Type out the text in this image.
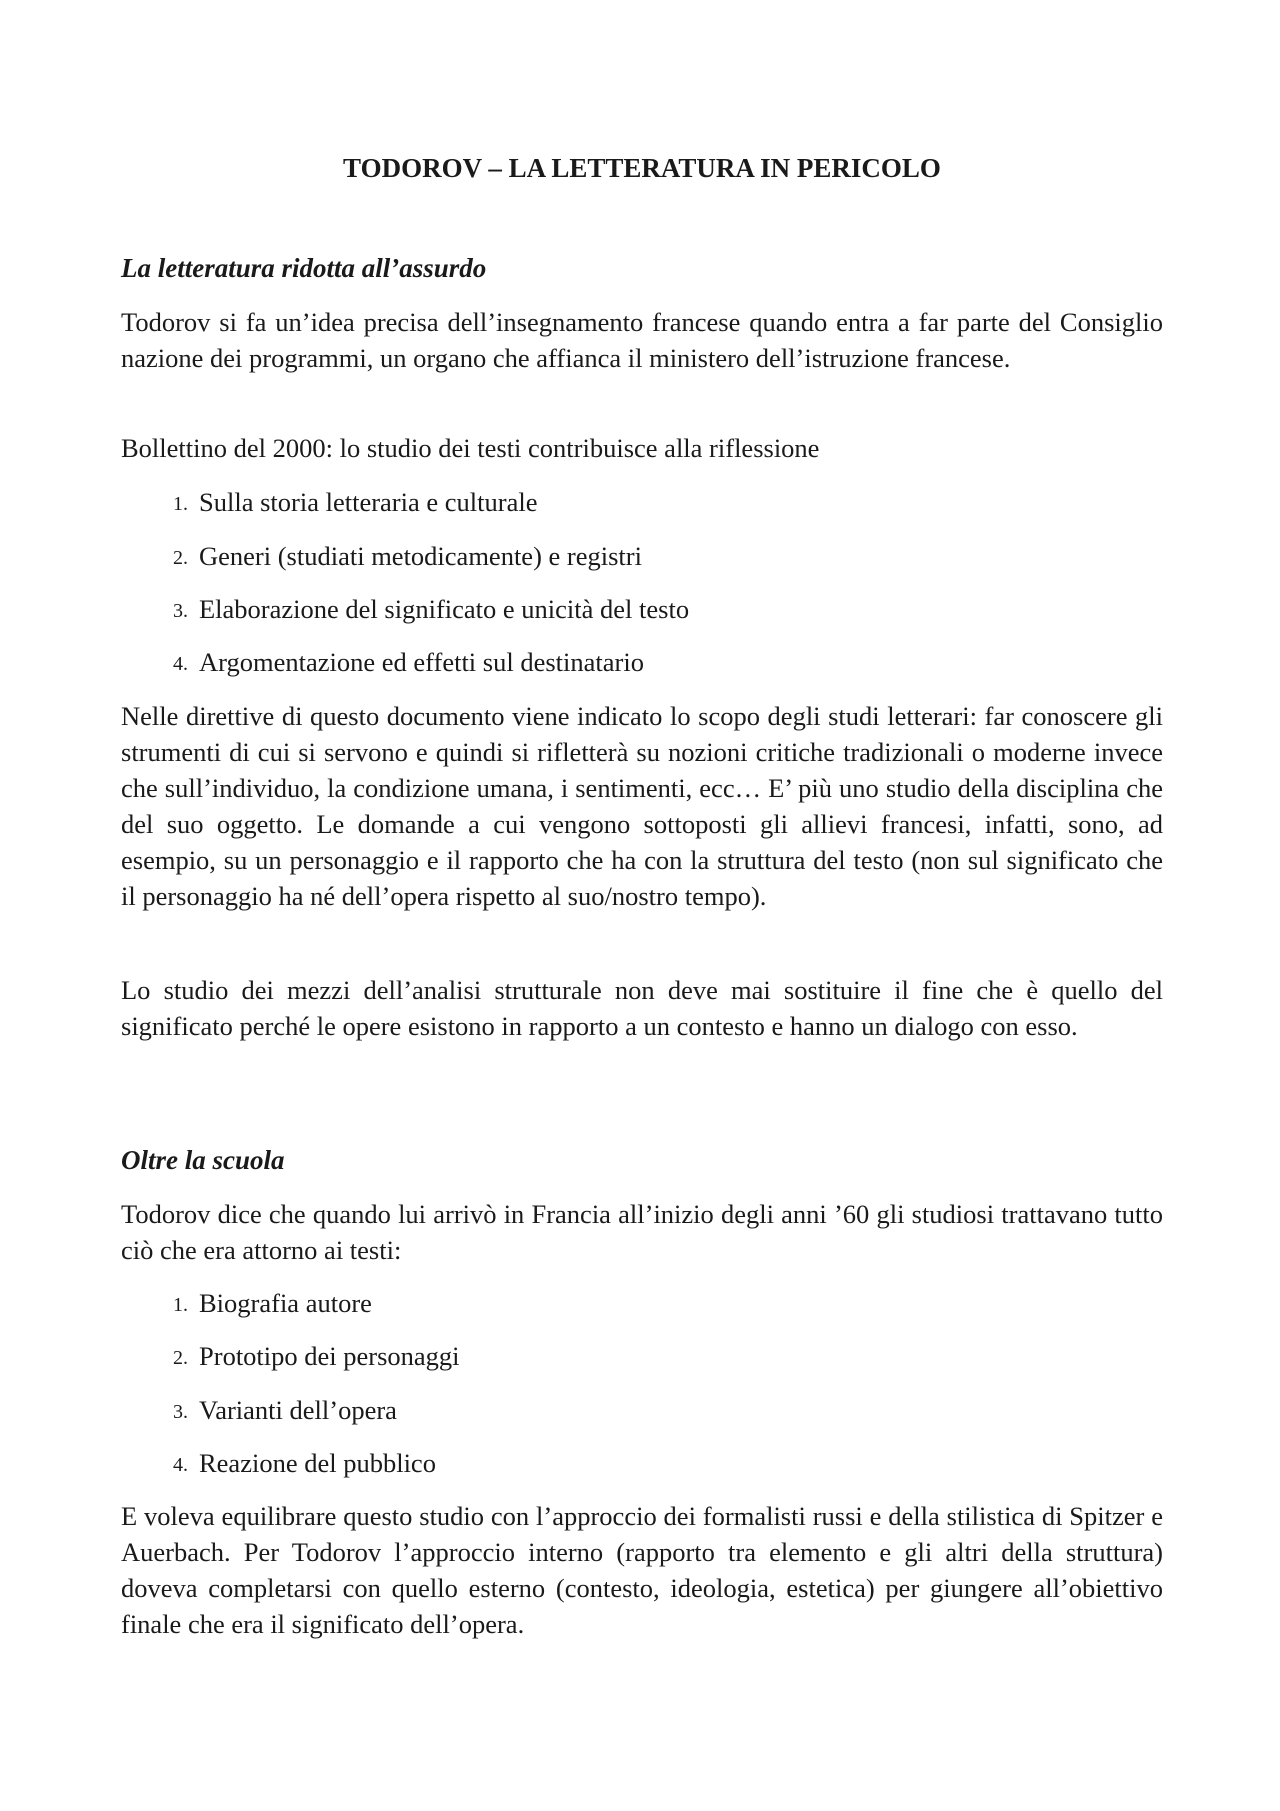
TODOROV – LA LETTERATURA IN PERICOLO
La letteratura ridotta all’assurdo

Todorov si fa un’idea precisa dell’insegnamento francese quando entra a far parte del Consiglio nazione dei programmi, un organo che affianca il ministero dell’istruzione francese.

Bollettino del 2000: lo studio dei testi contribuisce alla riflessione

1. Sulla storia letteraria e culturale
2. Generi (studiati metodicamente) e registri
3. Elaborazione del significato e unicità del testo
4. Argomentazione ed effetti sul destinatario

Nelle direttive di questo documento viene indicato lo scopo degli studi letterari: far conoscere gli strumenti di cui si servono e quindi si rifletterà su nozioni critiche tradizionali o moderne invece che sull’individuo, la condizione umana, i sentimenti, ecc… E’ più uno studio della disciplina che del suo oggetto. Le domande a cui vengono sottoposti gli allievi francesi, infatti, sono, ad esempio, su un personaggio e il rapporto che ha con la struttura del testo (non sul significato che il personaggio ha né dell’opera rispetto al suo/nostro tempo).

Lo studio dei mezzi dell’analisi strutturale non deve mai sostituire il fine che è quello del significato perché le opere esistono in rapporto a un contesto e hanno un dialogo con esso.

Oltre la scuola

Todorov dice che quando lui arrivò in Francia all’inizio degli anni ’60 gli studiosi trattavano tutto ciò che era attorno ai testi:

1. Biografia autore
2. Prototipo dei personaggi
3. Varianti dell’opera
4. Reazione del pubblico

E voleva equilibrare questo studio con l’approccio dei formalisti russi e della stilistica di Spitzer e Auerbach. Per Todorov l’approccio interno (rapporto tra elemento e gli altri della struttura) doveva completarsi con quello esterno (contesto, ideologia, estetica) per giungere all’obiettivo finale che era il significato dell’opera.
